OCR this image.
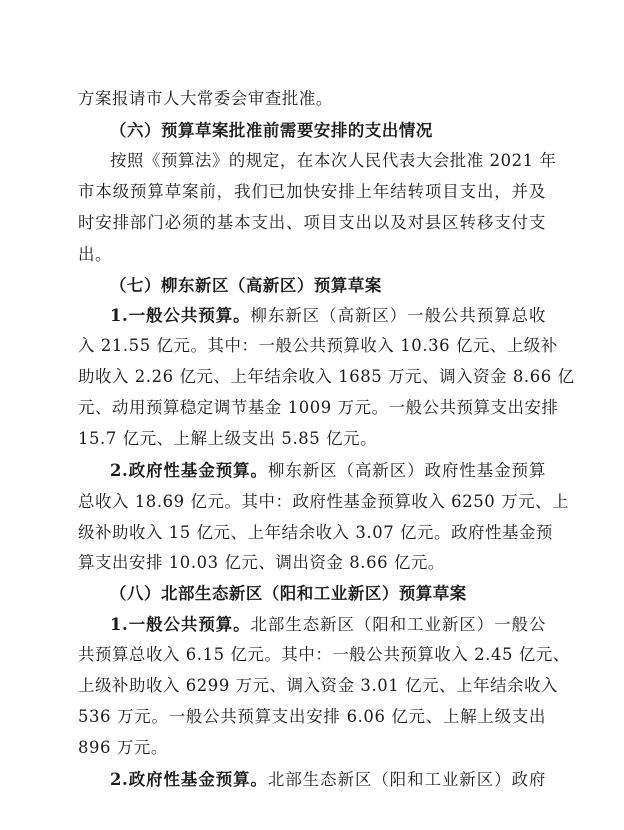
方案报请市人大常委会审查批准。
（六）预算草案批准前需要安排的支出情况
按照《预算法》的规定，在本次人民代表大会批准 2021 年
市本级预算草案前，我们已加快安排上年结转项目支出，并及
时安排部门必须的基本支出、项目支出以及对县区转移支付支
出。
（七）柳东新区（高新区）预算草案
1.一般公共预算。柳东新区（高新区）一般公共预算总收
入 21.55 亿元。其中：一般公共预算收入 10.36 亿元、上级补
助收入 2.26 亿元、上年结余收入 1685 万元、调入资金 8.66 亿
元、动用预算稳定调节基金 1009 万元。一般公共预算支出安排
15.7 亿元、上解上级支出 5.85 亿元。
2.政府性基金预算。柳东新区（高新区）政府性基金预算
总收入 18.69 亿元。其中：政府性基金预算收入 6250 万元、上
级补助收入 15 亿元、上年结余收入 3.07 亿元。政府性基金预
算支出安排 10.03 亿元、调出资金 8.66 亿元。
（八）北部生态新区（阳和工业新区）预算草案
1.一般公共预算。北部生态新区（阳和工业新区）一般公
共预算总收入 6.15 亿元。其中：一般公共预算收入 2.45 亿元、
上级补助收入 6299 万元、调入资金 3.01 亿元、上年结余收入
536 万元。一般公共预算支出安排 6.06 亿元、上解上级支出
896 万元。
2.政府性基金预算。北部生态新区（阳和工业新区）政府
